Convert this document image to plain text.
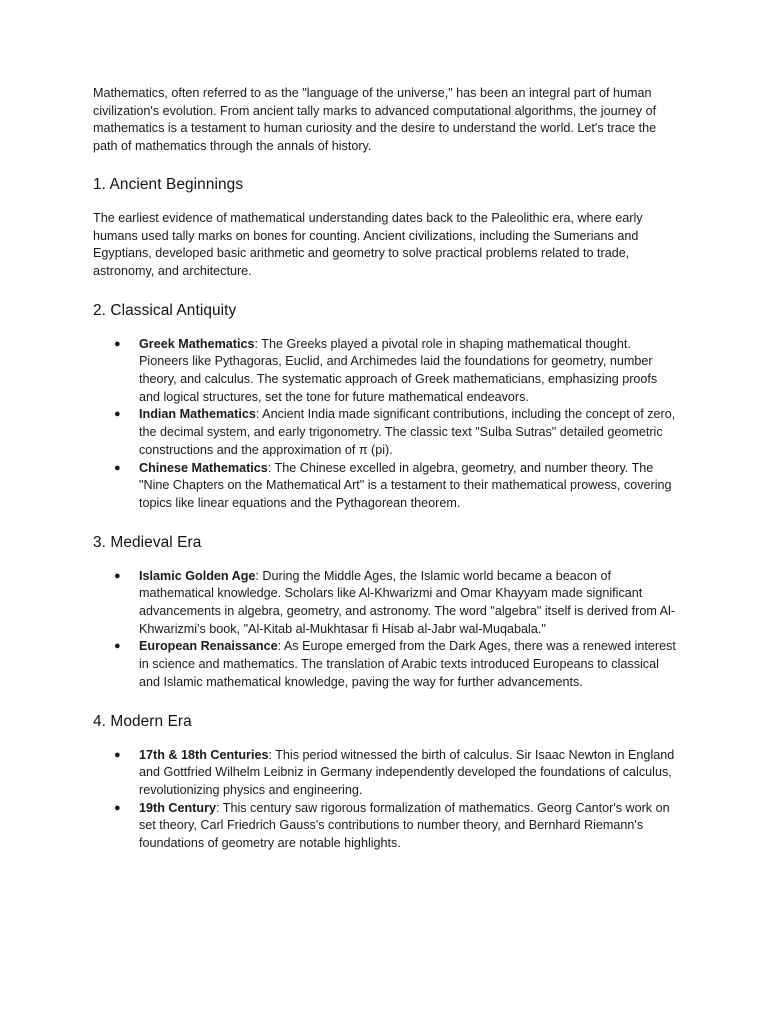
Mathematics, often referred to as the "language of the universe," has been an integral part of human civilization's evolution. From ancient tally marks to advanced computational algorithms, the journey of mathematics is a testament to human curiosity and the desire to understand the world. Let's trace the path of mathematics through the annals of history.

1. Ancient Beginnings

The earliest evidence of mathematical understanding dates back to the Paleolithic era, where early humans used tally marks on bones for counting. Ancient civilizations, including the Sumerians and Egyptians, developed basic arithmetic and geometry to solve practical problems related to trade, astronomy, and architecture.

2. Classical Antiquity
● Greek Mathematics: The Greeks played a pivotal role in shaping mathematical thought. Pioneers like Pythagoras, Euclid, and Archimedes laid the foundations for geometry, number theory, and calculus. The systematic approach of Greek mathematicians, emphasizing proofs and logical structures, set the tone for future mathematical endeavors.
● Indian Mathematics: Ancient India made significant contributions, including the concept of zero, the decimal system, and early trigonometry. The classic text "Sulba Sutras" detailed geometric constructions and the approximation of π (pi).
● Chinese Mathematics: The Chinese excelled in algebra, geometry, and number theory. The "Nine Chapters on the Mathematical Art" is a testament to their mathematical prowess, covering topics like linear equations and the Pythagorean theorem.
3. Medieval Era
● Islamic Golden Age: During the Middle Ages, the Islamic world became a beacon of mathematical knowledge. Scholars like Al-Khwarizmi and Omar Khayyam made significant advancements in algebra, geometry, and astronomy. The word "algebra" itself is derived from Al-Khwarizmi's book, "Al-Kitab al-Mukhtasar fi Hisab al-Jabr wal-Muqabala."
● European Renaissance: As Europe emerged from the Dark Ages, there was a renewed interest in science and mathematics. The translation of Arabic texts introduced Europeans to classical and Islamic mathematical knowledge, paving the way for further advancements.
4. Modern Era
● 17th & 18th Centuries: This period witnessed the birth of calculus. Sir Isaac Newton in England and Gottfried Wilhelm Leibniz in Germany independently developed the foundations of calculus, revolutionizing physics and engineering.
● 19th Century: This century saw rigorous formalization of mathematics. Georg Cantor's work on set theory, Carl Friedrich Gauss's contributions to number theory, and Bernhard Riemann's foundations of geometry are notable highlights.
